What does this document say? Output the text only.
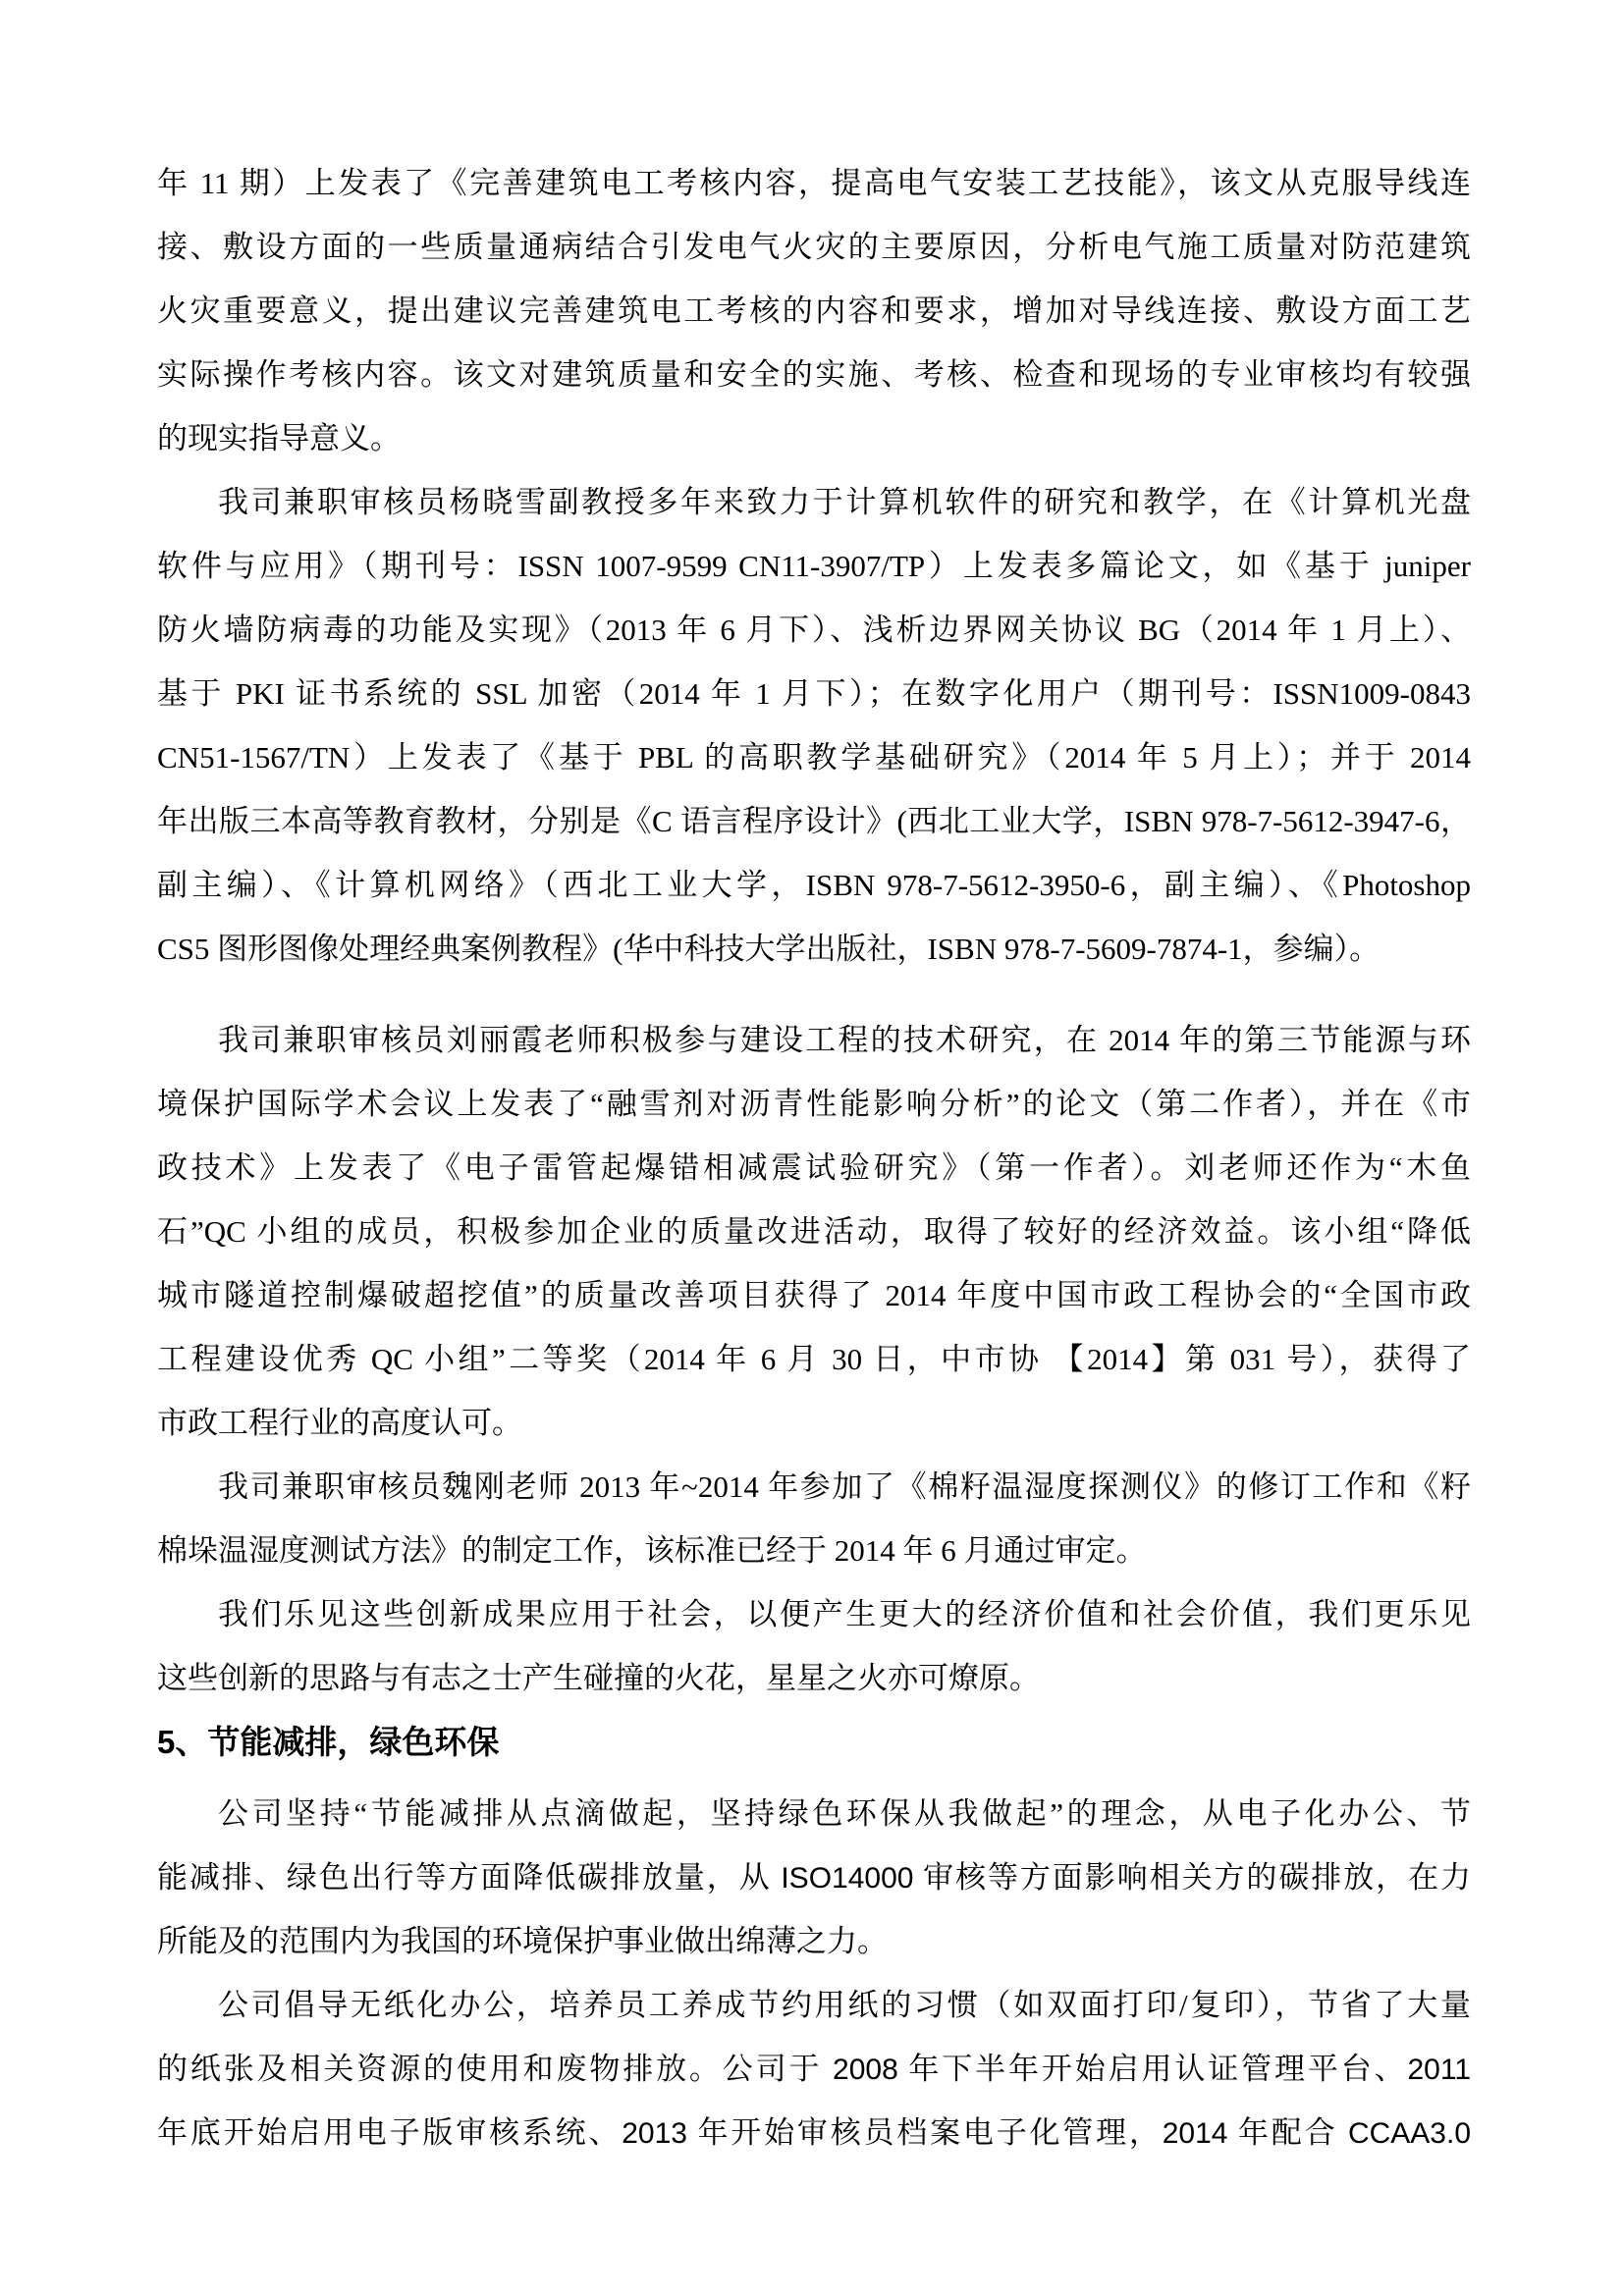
年 11 期）上发表了《完善建筑电工考核内容，提高电气安装工艺技能》，该文从克服导线连
接、敷设方面的一些质量通病结合引发电气火灾的主要原因，分析电气施工质量对防范建筑
火灾重要意义，提出建议完善建筑电工考核的内容和要求，增加对导线连接、敷设方面工艺
实际操作考核内容。该文对建筑质量和安全的实施、考核、检查和现场的专业审核均有较强
的现实指导意义。
我司兼职审核员杨晓雪副教授多年来致力于计算机软件的研究和教学，在《计算机光盘
软件与应用》（期刊号：ISSN 1007-9599 CN11-3907/TP）上发表多篇论文，如《基于 juniper
防火墙防病毒的功能及实现》（2013 年 6 月下）、浅析边界网关协议 BG（2014 年 1 月上）、
基于 PKI 证书系统的 SSL 加密（2014 年 1 月下）；在数字化用户（期刊号：ISSN1009-0843
CN51-1567/TN）上发表了《基于 PBL 的高职教学基础研究》（2014 年 5 月上）；并于 2014
年出版三本高等教育教材，分别是《C 语言程序设计》(西北工业大学，ISBN 978-7-5612-3947-6，
副主编）、《计算机网络》（西北工业大学，ISBN 978-7-5612-3950-6，副主编）、《Photoshop
CS5 图形图像处理经典案例教程》(华中科技大学出版社，ISBN 978-7-5609-7874-1，参编）。
我司兼职审核员刘丽霞老师积极参与建设工程的技术研究，在 2014 年的第三节能源与环
境保护国际学术会议上发表了“融雪剂对沥青性能影响分析”的论文（第二作者），并在《市
政技术》上发表了《电子雷管起爆错相减震试验研究》（第一作者）。刘老师还作为“木鱼
石”QC 小组的成员，积极参加企业的质量改进活动，取得了较好的经济效益。该小组“降低
城市隧道控制爆破超挖值”的质量改善项目获得了 2014 年度中国市政工程协会的“全国市政
工程建设优秀 QC 小组”二等奖（2014 年 6 月 30 日，中市协 【2014】第 031 号），获得了
市政工程行业的高度认可。
我司兼职审核员魏刚老师 2013 年~2014 年参加了《棉籽温湿度探测仪》的修订工作和《籽
棉垛温湿度测试方法》的制定工作，该标准已经于 2014 年 6 月通过审定。
我们乐见这些创新成果应用于社会，以便产生更大的经济价值和社会价值，我们更乐见
这些创新的思路与有志之士产生碰撞的火花，星星之火亦可燎原。
5、节能减排，绿色环保
公司坚持“节能减排从点滴做起，坚持绿色环保从我做起”的理念，从电子化办公、节
能减排、绿色出行等方面降低碳排放量，从 ISO14000 审核等方面影响相关方的碳排放，在力
所能及的范围内为我国的环境保护事业做出绵薄之力。
公司倡导无纸化办公，培养员工养成节约用纸的习惯（如双面打印/复印），节省了大量
的纸张及相关资源的使用和废物排放。公司于 2008 年下半年开始启用认证管理平台、2011
年底开始启用电子版审核系统、2013 年开始审核员档案电子化管理，2014 年配合 CCAA3.0
